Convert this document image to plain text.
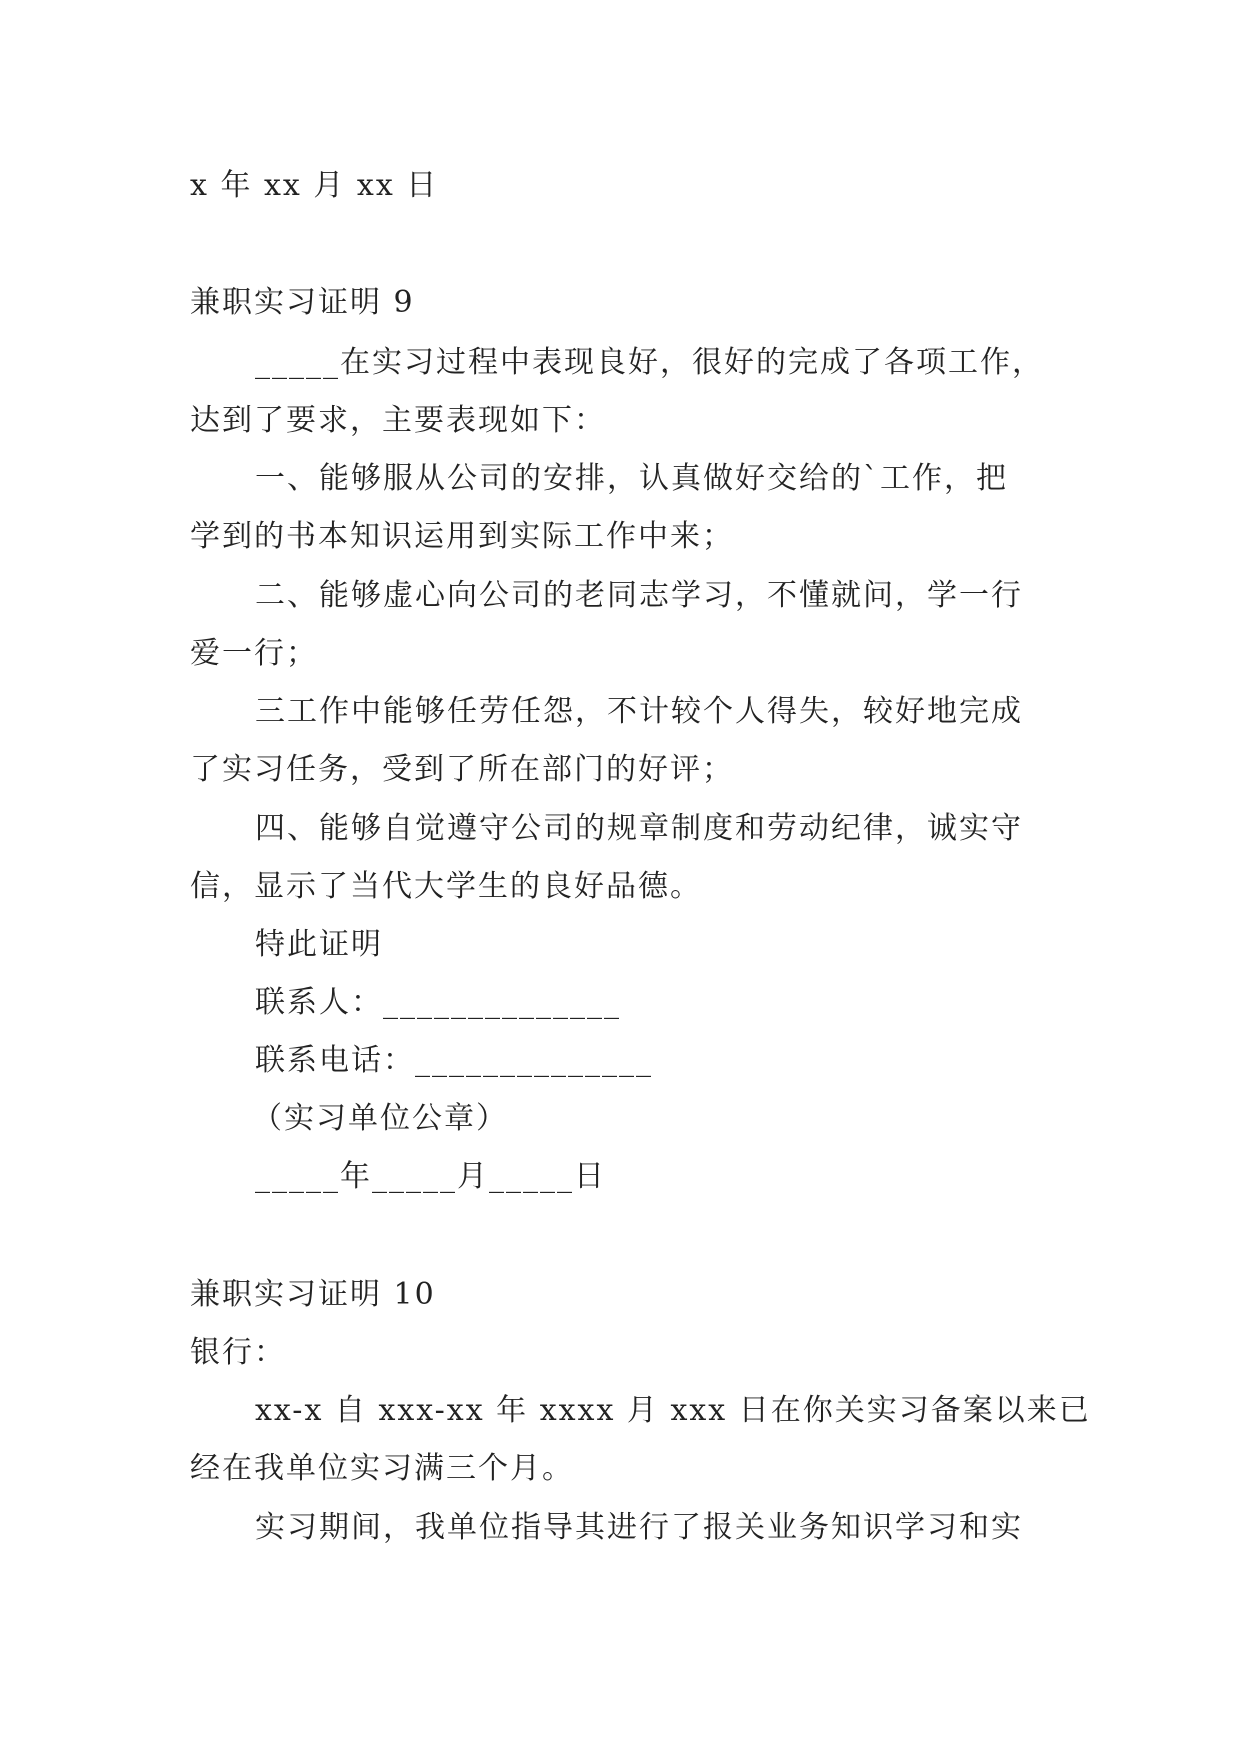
x 年 xx 月 xx 日
兼职实习证明 9
_____在实习过程中表现良好，很好的完成了各项工作，
达到了要求，主要表现如下：
一、能够服从公司的安排，认真做好交给的`工作，把
学到的书本知识运用到实际工作中来；
二、能够虚心向公司的老同志学习，不懂就问，学一行
爱一行；
三工作中能够任劳任怨，不计较个人得失，较好地完成
了实习任务，受到了所在部门的好评；
四、能够自觉遵守公司的规章制度和劳动纪律，诚实守
信，显示了当代大学生的良好品德。
特此证明
联系人：______________
联系电话：______________
（实习单位公章）
_____年_____月_____日
兼职实习证明 10
银行：
xx-x 自 xxx-xx 年 xxxx 月 xxx 日在你关实习备案以来已
经在我单位实习满三个月。
实习期间，我单位指导其进行了报关业务知识学习和实
